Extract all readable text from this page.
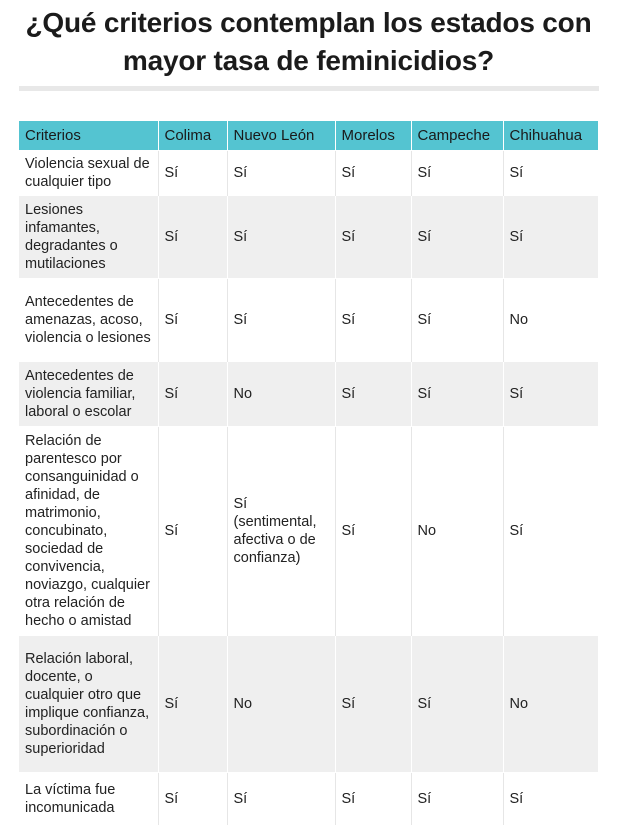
¿Qué criterios contemplan los estados con mayor tasa de feminicidios?
Criterios	Colima	Nuevo León	Morelos	Campeche	Chihuahua
Violencia sexual de cualquier tipo	Sí	Sí	Sí	Sí	Sí
Lesiones infamantes, degradantes o mutilaciones	Sí	Sí	Sí	Sí	Sí
Antecedentes de amenazas, acoso, violencia o lesiones	Sí	Sí	Sí	Sí	No
Antecedentes de violencia familiar, laboral o escolar	Sí	No	Sí	Sí	Sí
Relación de parentesco por consanguinidad o afinidad, de matrimonio, concubinato, sociedad de convivencia, noviazgo, cualquier otra relación de hecho o amistad	Sí	Sí (sentimental, afectiva o de confianza)	Sí	No	Sí
Relación laboral, docente, o cualquier otro que implique confianza, subordinación o superioridad	Sí	No	Sí	Sí	No
La víctima fue incomunicada	Sí	Sí	Sí	Sí	Sí
